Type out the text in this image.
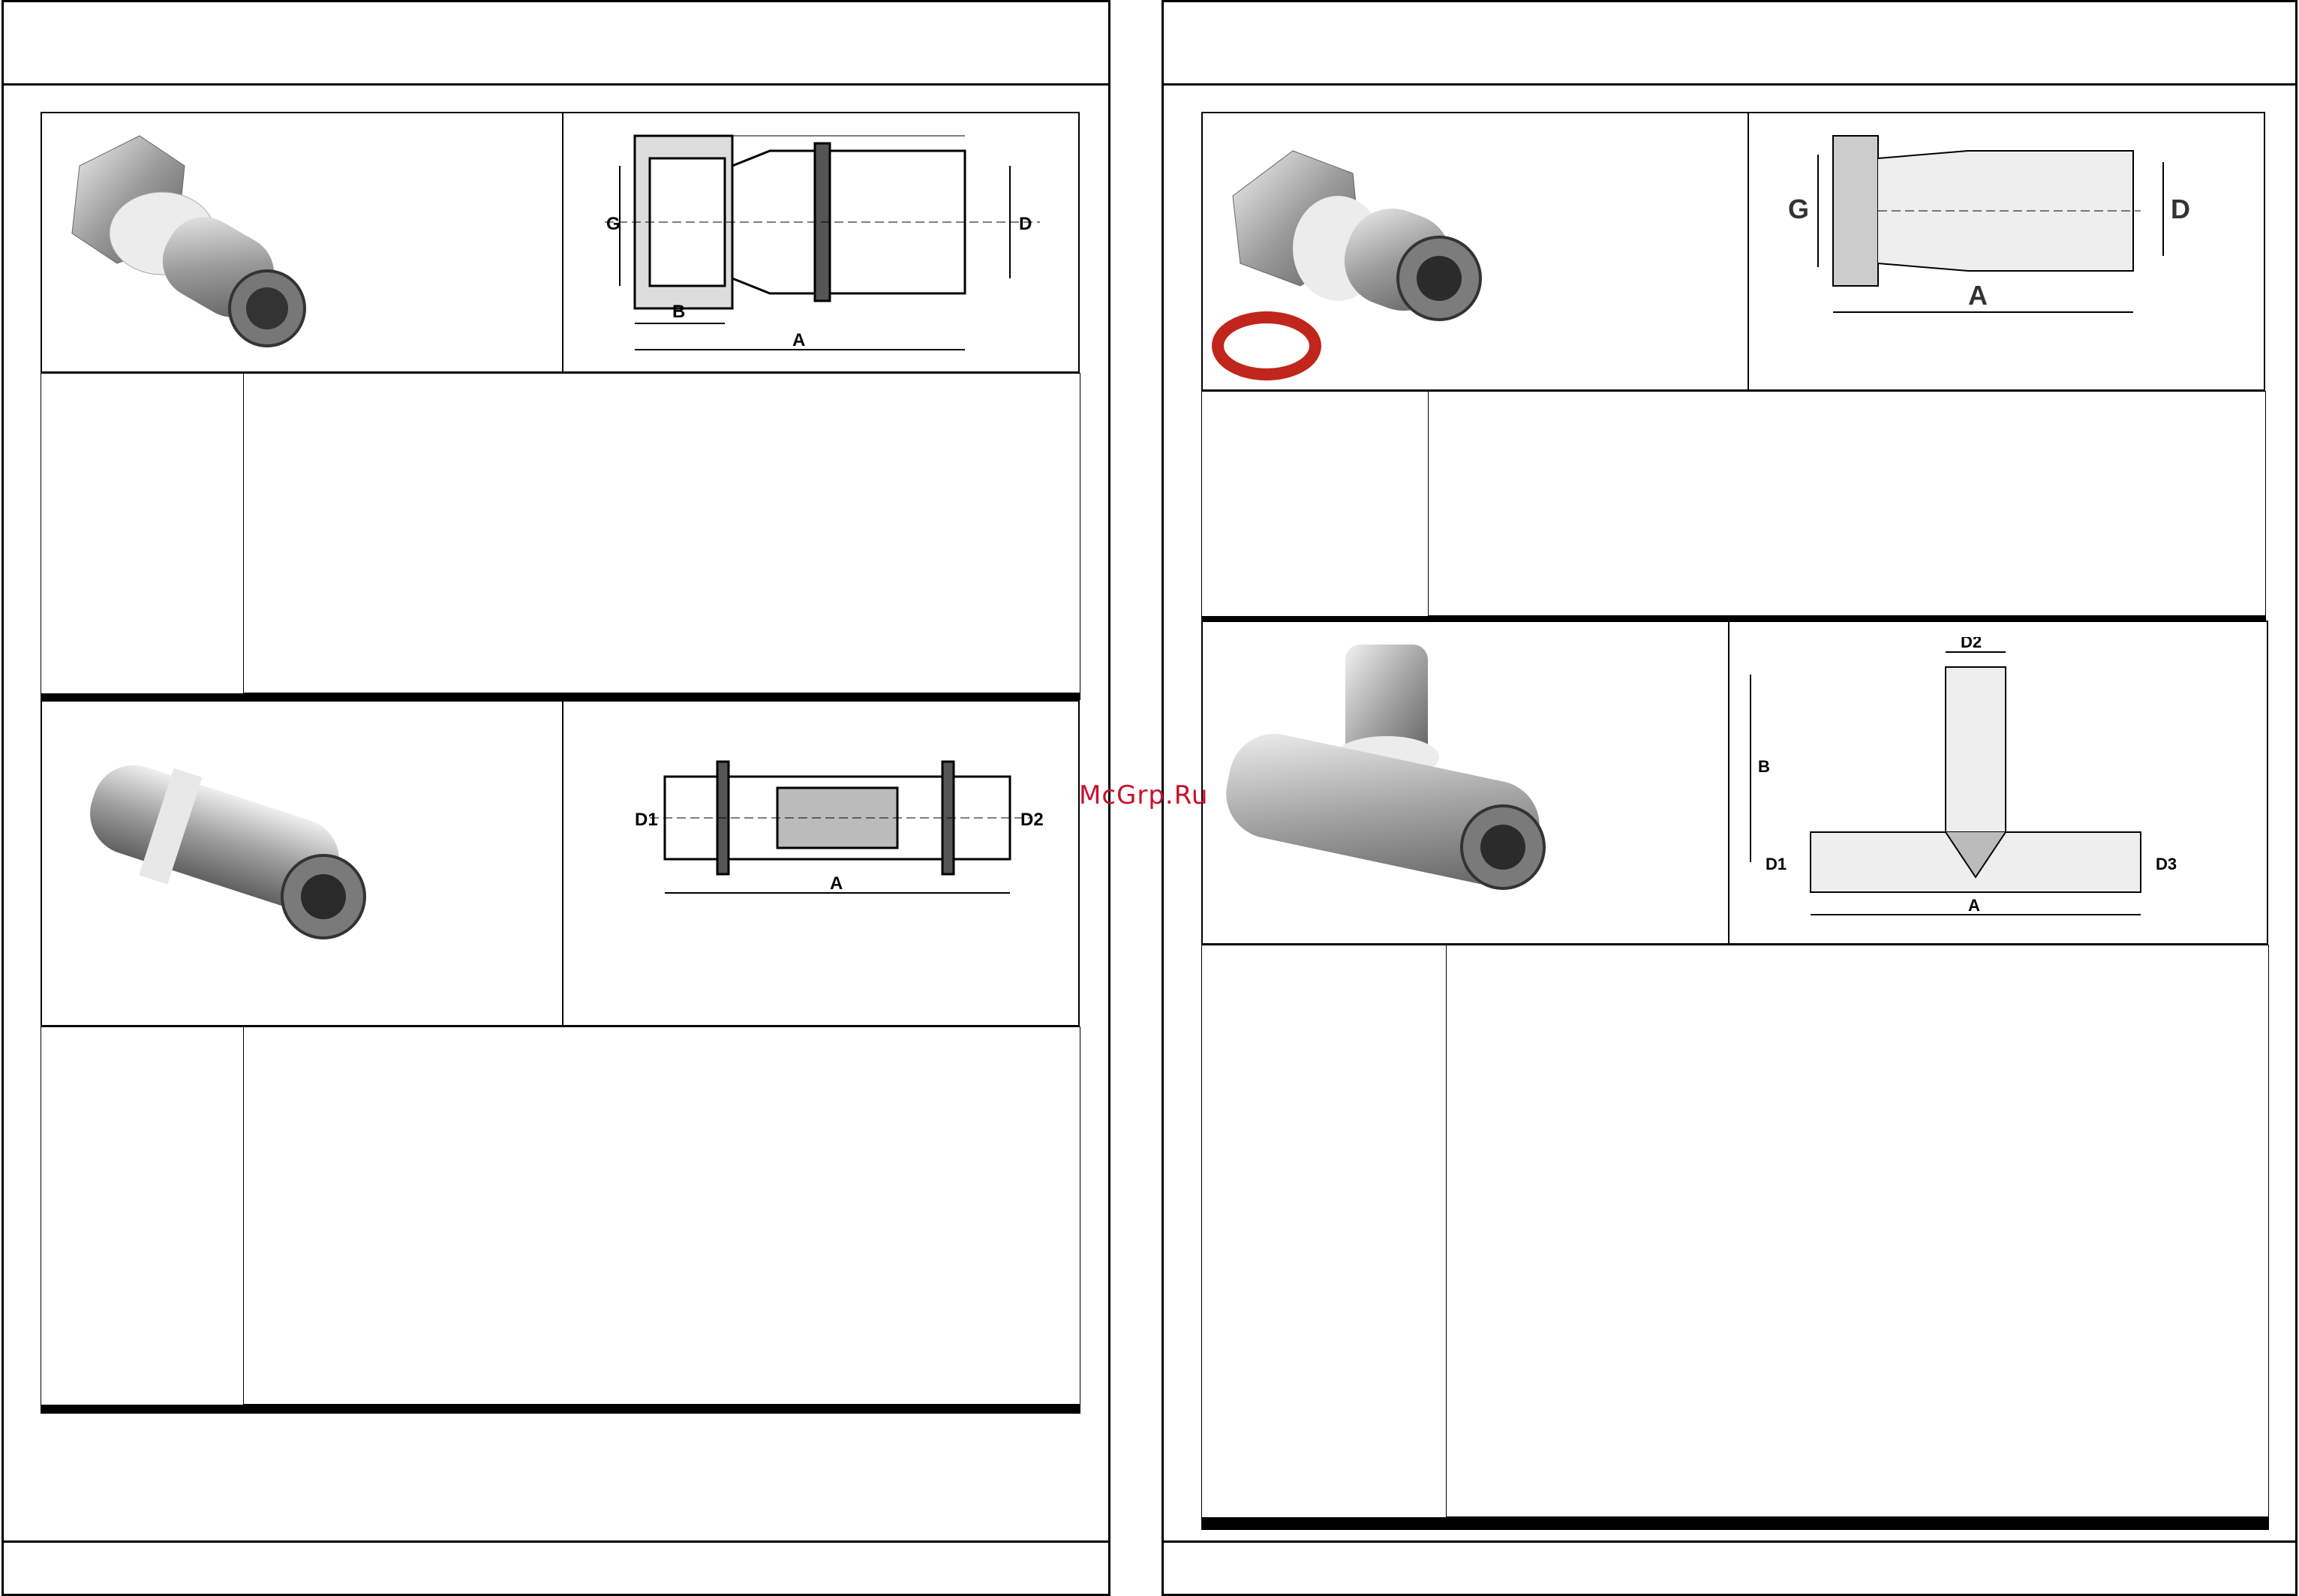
G	D
B
A

D1	D2
A

G	D
A

D2
B
D1	D3
A

McGrp.Ru
